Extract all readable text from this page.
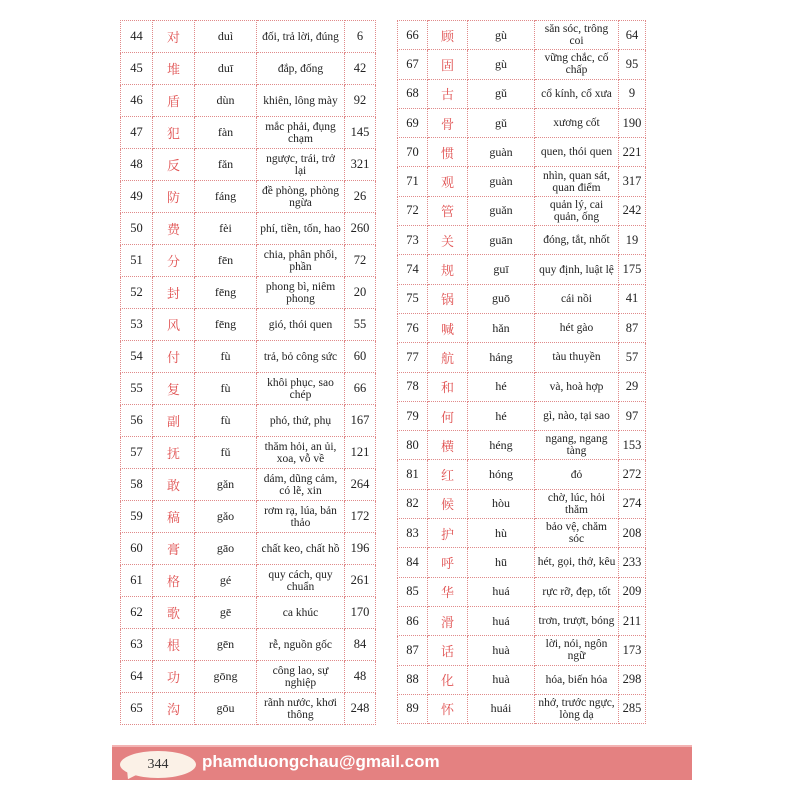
44	对	duì	đối, trả lời, đúng	6
45	堆	duī	đắp, đống	42
46	盾	dùn	khiên, lông mày	92
47	犯	fàn	mắc phải, đụng chạm	145
48	反	fǎn	ngược, trái, trở lại	321
49	防	fáng	đề phòng, phòng ngừa	26
50	费	fèi	phí, tiền, tốn, hao	260
51	分	fēn	chia, phân phối, phần	72
52	封	fēng	phong bì, niêm phong	20
53	风	fēng	gió, thói quen	55
54	付	fù	trả, bỏ công sức	60
55	复	fù	khôi phục, sao chép	66
56	副	fù	phó, thứ, phụ	167
57	抚	fǔ	thăm hỏi, an ủi, xoa, vỗ về	121
58	敢	gǎn	dám, dũng cảm, có lẽ, xin	264
59	稿	gǎo	rơm rạ, lúa, bản thảo	172
60	膏	gāo	chất keo, chất hồ	196
61	格	gé	quy cách, quy chuẩn	261
62	歌	gē	ca khúc	170
63	根	gēn	rễ, nguồn gốc	84
64	功	gōng	công lao, sự nghiệp	48
65	沟	gōu	rãnh nước, khơi thông	248
66	顾	gù	săn sóc, trông coi	64
67	固	gù	vững chắc, cố chấp	95
68	古	gǔ	cổ kính, cổ xưa	9
69	骨	gǔ	xương cốt	190
70	惯	guàn	quen, thói quen	221
71	观	guàn	nhìn, quan sát, quan điểm	317
72	管	guǎn	quản lý, cai quản, ống	242
73	关	guān	đóng, tắt, nhốt	19
74	规	guī	quy định, luật lệ	175
75	锅	guō	cái nồi	41
76	喊	hǎn	hét gào	87
77	航	háng	tàu thuyền	57
78	和	hé	và, hoà hợp	29
79	何	hé	gì, nào, tại sao	97
80	横	héng	ngang, ngang tàng	153
81	红	hóng	đỏ	272
82	候	hòu	chờ, lúc, hỏi thăm	274
83	护	hù	bảo vệ, chăm sóc	208
84	呼	hū	hét, gọi, thở, kêu	233
85	华	huá	rực rỡ, đẹp, tốt	209
86	滑	huá	trơn, trượt, bóng	211
87	话	huà	lời, nói, ngôn ngữ	173
88	化	huà	hóa, biến hóa	298
89	怀	huái	nhớ, trước ngực, lòng dạ	285
344	phamduongchau@gmail.com
